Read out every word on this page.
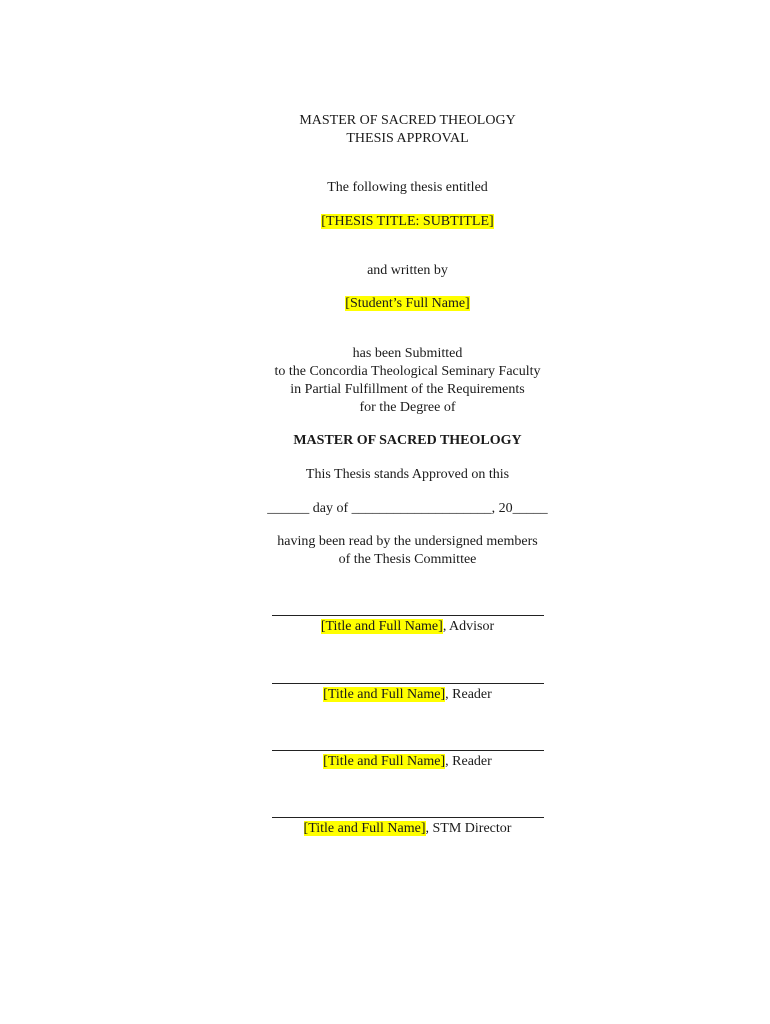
MASTER OF SACRED THEOLOGY
THESIS APPROVAL
The following thesis entitled
[THESIS TITLE: SUBTITLE]
and written by
[Student’s Full Name]
has been Submitted
to the Concordia Theological Seminary Faculty
in Partial Fulfillment of the Requirements
for the Degree of
MASTER OF SACRED THEOLOGY
This Thesis stands Approved on this
______ day of ____________________, 20_____
having been read by the undersigned members
of the Thesis Committee
[Title and Full Name], Advisor
[Title and Full Name], Reader
[Title and Full Name], Reader
[Title and Full Name], STM Director
